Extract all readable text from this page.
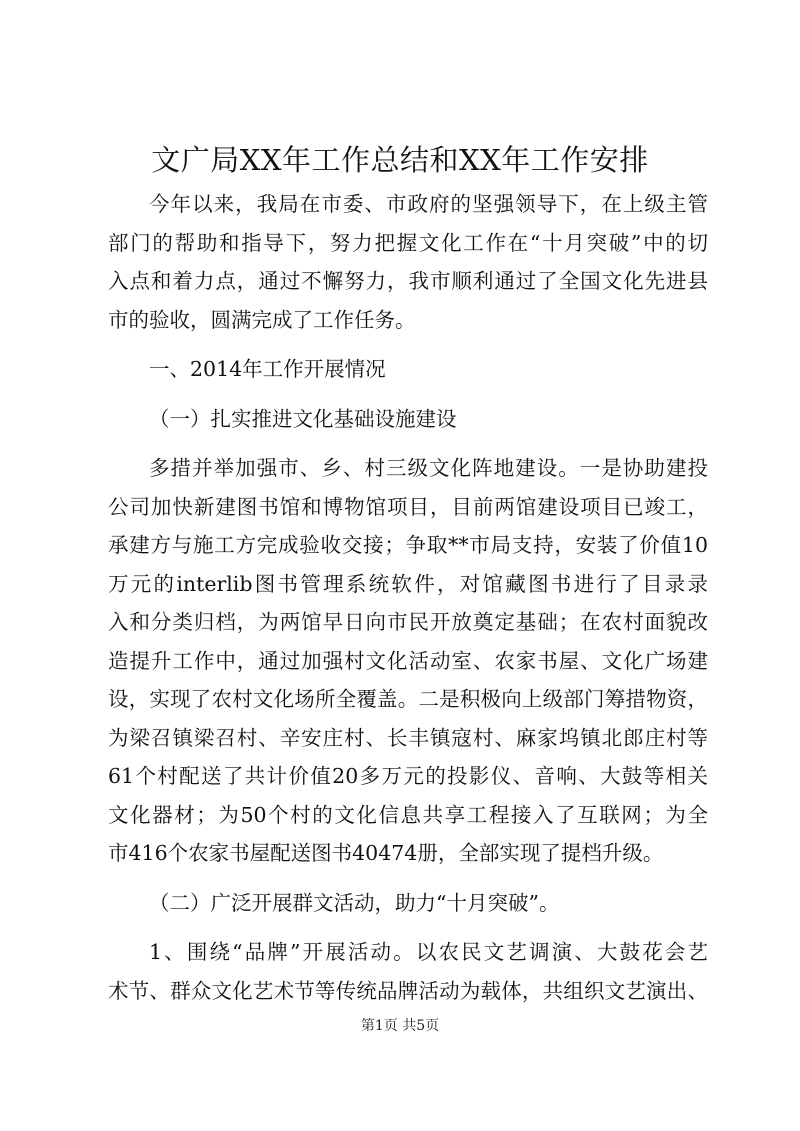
文广局XX年工作总结和XX年工作安排
今年以来，我局在市委、市政府的坚强领导下，在上级主管
部门的帮助和指导下，努力把握文化工作在“十月突破”中的切
入点和着力点，通过不懈努力，我市顺利通过了全国文化先进县
市的验收，圆满完成了工作任务。
一、2014年工作开展情况
（一）扎实推进文化基础设施建设
多措并举加强市、乡、村三级文化阵地建设。一是协助建投
公司加快新建图书馆和博物馆项目，目前两馆建设项目已竣工，
承建方与施工方完成验收交接；争取**市局支持，安装了价值10
万元的interlib图书管理系统软件，对馆藏图书进行了目录录
入和分类归档，为两馆早日向市民开放奠定基础；在农村面貌改
造提升工作中，通过加强村文化活动室、农家书屋、文化广场建
设，实现了农村文化场所全覆盖。二是积极向上级部门筹措物资，
为梁召镇梁召村、辛安庄村、长丰镇寇村、麻家坞镇北郎庄村等
61个村配送了共计价值20多万元的投影仪、音响、大鼓等相关
文化器材；为50个村的文化信息共享工程接入了互联网；为全
市416个农家书屋配送图书40474册，全部实现了提档升级。
（二）广泛开展群文活动，助力“十月突破”。
1、围绕“品牌”开展活动。以农民文艺调演、大鼓花会艺
术节、群众文化艺术节等传统品牌活动为载体，共组织文艺演出、
第1页 共5页
